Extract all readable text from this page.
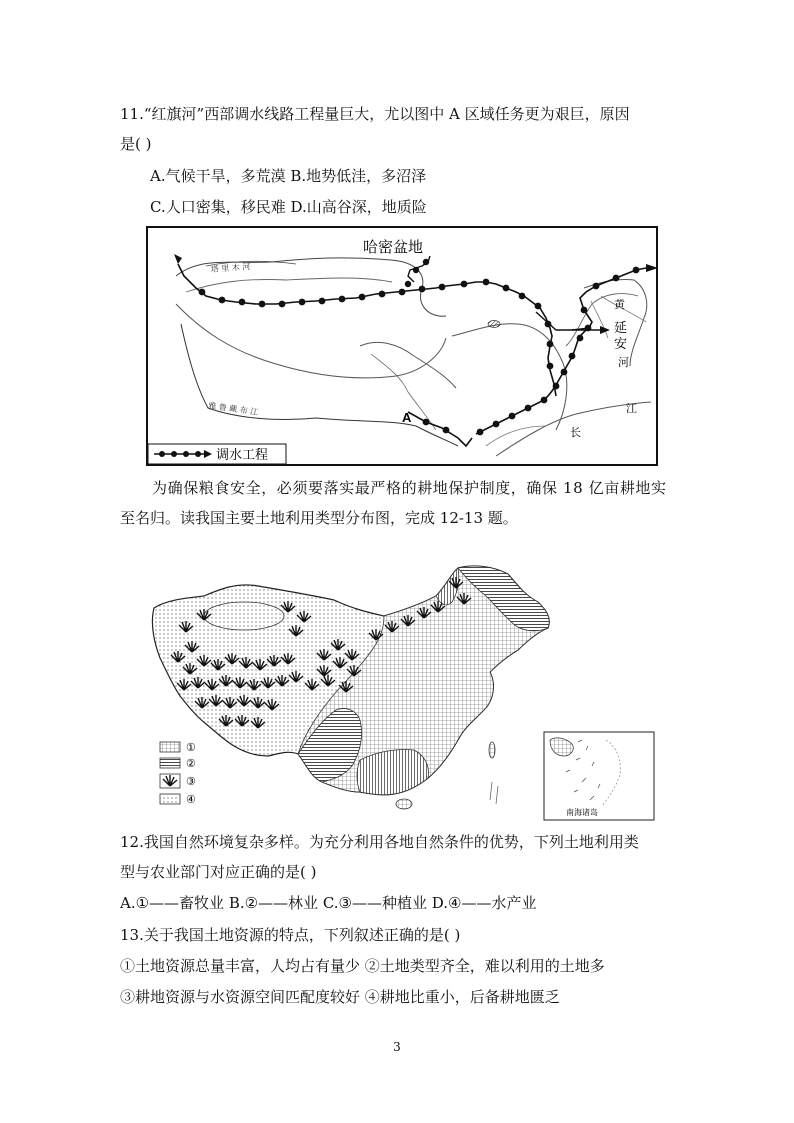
11.“红旗河”西部调水线路工程量巨大，尤以图中 A 区域任务更为艰巨，原因
是( )
A.气候干旱，多荒漠 B.地势低洼，多沼泽
C.人口密集，移民难 D.山高谷深，地质险
哈密盆地
塔 里 木 河
雅 鲁 藏 布 江
A
黄
延
安
河
江
长
调水工程
为确保粮食安全，必须要落实最严格的耕地保护制度，确保 18 亿亩耕地实
至名归。读我国主要土地利用类型分布图，完成 12-13 题。
①
②
③
④
南海诸岛
12.我国自然环境复杂多样。为充分利用各地自然条件的优势，下列土地利用类
型与农业部门对应正确的是( )
A.①——畜牧业 B.②——林业 C.③——种植业 D.④——水产业
13.关于我国土地资源的特点，下列叙述正确的是( )
①土地资源总量丰富，人均占有量少 ②土地类型齐全，难以利用的土地多
③耕地资源与水资源空间匹配度较好 ④耕地比重小，后备耕地匮乏
3
